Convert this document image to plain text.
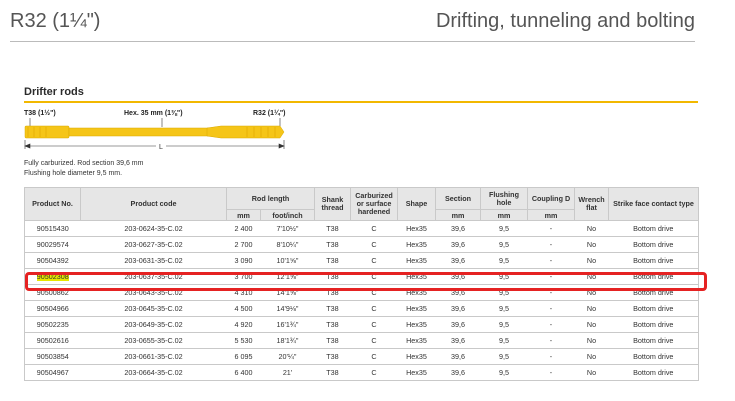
R32 (1¼")	Drifting, tunneling and bolting
Drifter rods
T38 (1½")	Hex. 35 mm (1⅜")	R32 (1¼")
L
Fully carburized. Rod section 39,6 mm
Flushing hole diameter 9,5 mm.
Product No.	Product code	Rod length		Shank thread	Carburized or surface hardened	Shape	Section	Flushing hole	Coupling D	Wrench flat	Strike face contact type
		mm	foot/inch				mm	mm	mm		
90515430	203-0624-35-C.02	2 400	7'10½"	T38	C	Hex35	39,6	9,5	-	No	Bottom drive
90029574	203-0627-35-C.02	2 700	8'10¼"	T38	C	Hex35	39,6	9,5	-	No	Bottom drive
90504392	203-0631-35-C.02	3 090	10'1⅝"	T38	C	Hex35	39,6	9,5	-	No	Bottom drive
90502308	203-0637-35-C.02	3 700	12'1⅝"	T38	C	Hex35	39,6	9,5	-	No	Bottom drive
90500862	203-0643-35-C.02	4 310	14'1⅝"	T38	C	Hex35	39,6	9,5	-	No	Bottom drive
90504966	203-0645-35-C.02	4 500	14'9⅛"	T38	C	Hex35	39,6	9,5	-	No	Bottom drive
90502235	203-0649-35-C.02	4 920	16'1¾"	T38	C	Hex35	39,6	9,5	-	No	Bottom drive
90502616	203-0655-35-C.02	5 530	18'1¾"	T38	C	Hex35	39,6	9,5	-	No	Bottom drive
90503854	203-0661-35-C.02	6 095	20'¼"	T38	C	Hex35	39,6	9,5	-	No	Bottom drive
90504967	203-0664-35-C.02	6 400	21'	T38	C	Hex35	39,6	9,5	-	No	Bottom drive
